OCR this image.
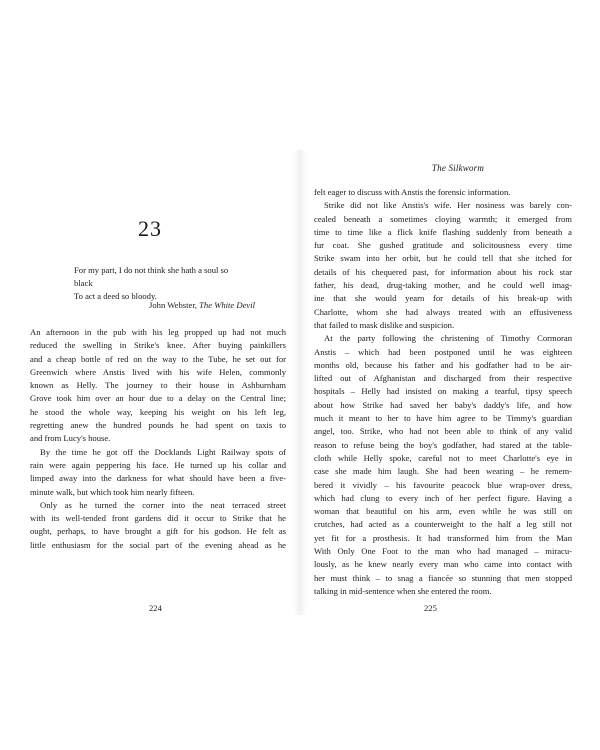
23
For my part, I do not think she hath a soul so
black
To act a deed so bloody.
John Webster, The White Devil
An afternoon in the pub with his leg propped up had not much
reduced the swelling in Strike's knee. After buying painkillers
and a cheap bottle of red on the way to the Tube, he set out for
Greenwich where Anstis lived with his wife Helen, commonly
known as Helly. The journey to their house in Ashburnham
Grove took him over an hour due to a delay on the Central line;
he stood the whole way, keeping his weight on his left leg,
regretting anew the hundred pounds he had spent on taxis to
and from Lucy's house.
By the time he got off the Docklands Light Railway spots of
rain were again peppering his face. He turned up his collar and
limped away into the darkness for what should have been a five-
minute walk, but which took him nearly fifteen.
Only as he turned the corner into the neat terraced street
with its well-tended front gardens did it occur to Strike that he
ought, perhaps, to have brought a gift for his godson. He felt as
little enthusiasm for the social part of the evening ahead as he
224
The Silkworm
felt eager to discuss with Anstis the forensic information.
Strike did not like Anstis's wife. Her nosiness was barely con-
cealed beneath a sometimes cloying warmth; it emerged from
time to time like a flick knife flashing suddenly from beneath a
fur coat. She gushed gratitude and solicitousness every time
Strike swam into her orbit, but he could tell that she itched for
details of his chequered past, for information about his rock star
father, his dead, drug-taking mother, and he could well imag-
ine that she would yearn for details of his break-up with
Charlotte, whom she had always treated with an effusiveness
that failed to mask dislike and suspicion.
At the party following the christening of Timothy Cormoran
Anstis – which had been postponed until he was eighteen
months old, because his father and his godfather had to be air-
lifted out of Afghanistan and discharged from their respective
hospitals – Helly had insisted on making a tearful, tipsy speech
about how Strike had saved her baby's daddy's life, and how
much it meant to her to have him agree to be Timmy's guardian
angel, too. Strike, who had not been able to think of any valid
reason to refuse being the boy's godfather, had stared at the table-
cloth while Helly spoke, careful not to meet Charlotte's eye in
case she made him laugh. She had been wearing – he remem-
bered it vividly – his favourite peacock blue wrap-over dress,
which had clung to every inch of her perfect figure. Having a
woman that beautiful on his arm, even while he was still on
crutches, had acted as a counterweight to the half a leg still not
yet fit for a prosthesis. It had transformed him from the Man
With Only One Foot to the man who had managed – miracu-
lously, as he knew nearly every man who came into contact with
her must think – to snag a fiancée so stunning that men stopped
talking in mid-sentence when she entered the room.
225
